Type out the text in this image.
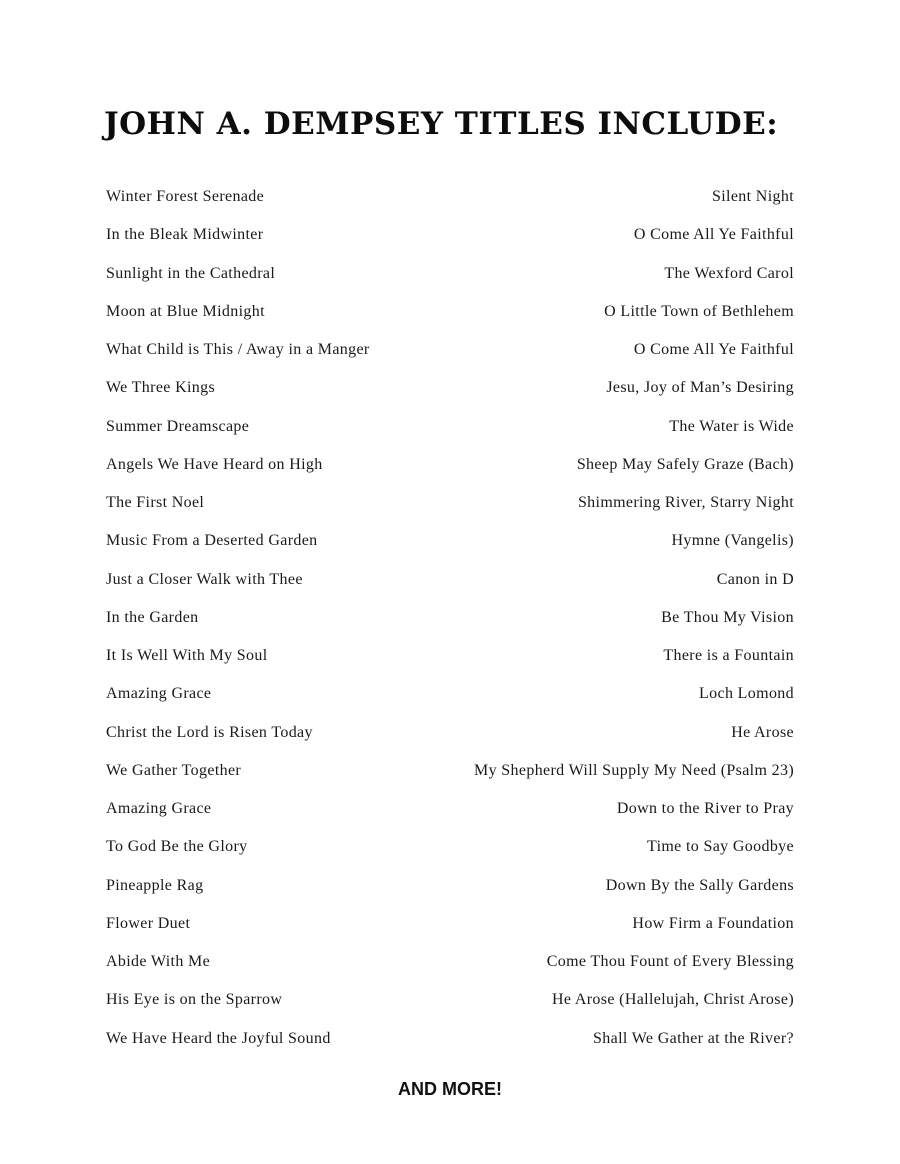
JOHN A. DEMPSEY TITLES INCLUDE:
Winter Forest Serenade	Silent Night
In the Bleak Midwinter	O Come All Ye Faithful
Sunlight in the Cathedral	The Wexford Carol
Moon at Blue Midnight	O Little Town of Bethlehem
What Child is This / Away in a Manger	O Come All Ye Faithful
We Three Kings	Jesu, Joy of Man’s Desiring
Summer Dreamscape	The Water is Wide
Angels We Have Heard on High	Sheep May Safely Graze (Bach)
The First Noel	Shimmering River, Starry Night
Music From a Deserted Garden	Hymne (Vangelis)
Just a Closer Walk with Thee	Canon in D
In the Garden	Be Thou My Vision
It Is Well With My Soul	There is a Fountain
Amazing Grace	Loch Lomond
Christ the Lord is Risen Today	He Arose
We Gather Together	My Shepherd Will Supply My Need (Psalm 23)
Amazing Grace	Down to the River to Pray
To God Be the Glory	Time to Say Goodbye
Pineapple Rag	Down By the Sally Gardens
Flower Duet	How Firm a Foundation
Abide With Me	Come Thou Fount of Every Blessing
His Eye is on the Sparrow	He Arose (Hallelujah, Christ Arose)
We Have Heard the Joyful Sound	Shall We Gather at the River?
AND MORE!
